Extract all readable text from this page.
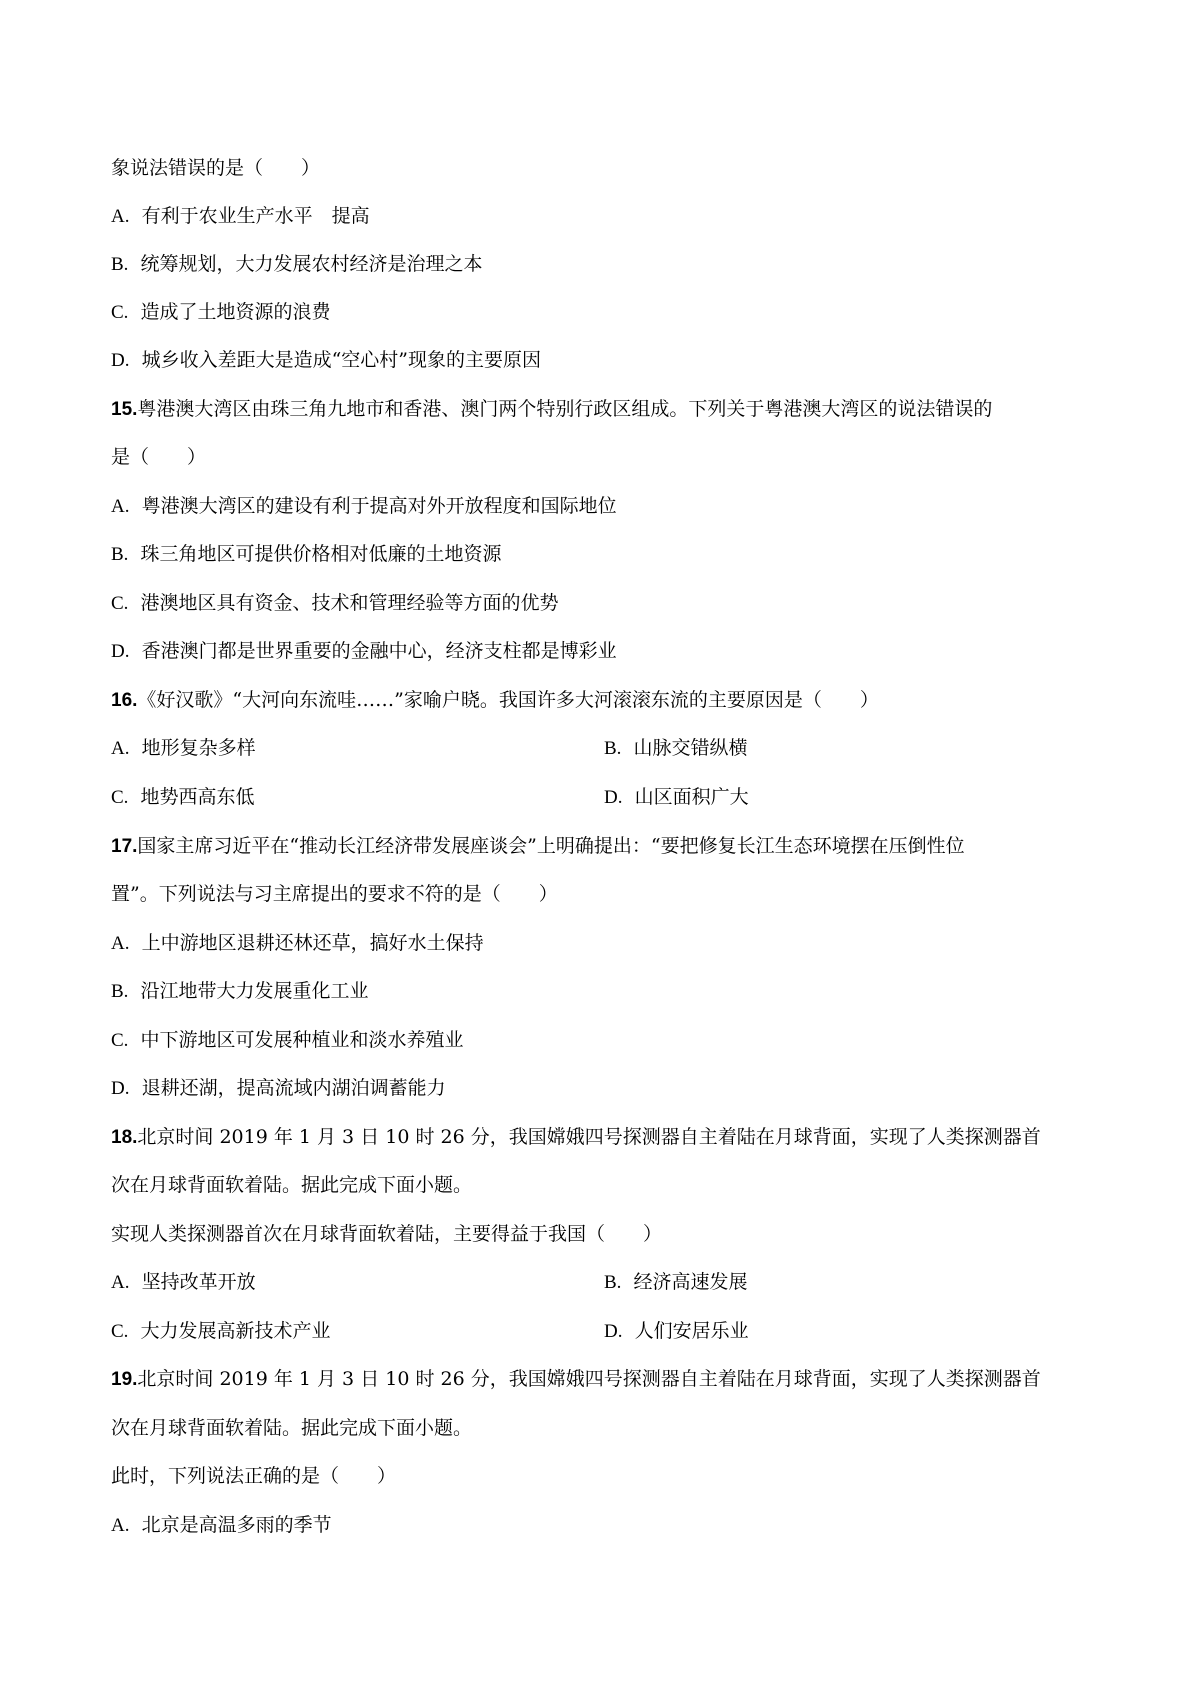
象说法错误的是（　　）
A. 有利于农业生产水平　提高
B. 统筹规划，大力发展农村经济是治理之本
C. 造成了土地资源的浪费
D. 城乡收入差距大是造成“空心村”现象的主要原因
15.粤港澳大湾区由珠三角九地市和香港、澳门两个特别行政区组成。下列关于粤港澳大湾区的说法错误的
是（　　）
A. 粤港澳大湾区的建设有利于提高对外开放程度和国际地位
B. 珠三角地区可提供价格相对低廉的土地资源
C. 港澳地区具有资金、技术和管理经验等方面的优势
D. 香港澳门都是世界重要的金融中心，经济支柱都是博彩业
16.《好汉歌》“大河向东流哇……”家喻户晓。我国许多大河滚滚东流的主要原因是（　　）
A. 地形复杂多样	B. 山脉交错纵横
C. 地势西高东低	D. 山区面积广大
17.国家主席习近平在“推动长江经济带发展座谈会”上明确提出：“要把修复长江生态环境摆在压倒性位
置”。下列说法与习主席提出的要求不符的是（　　）
A. 上中游地区退耕还林还草，搞好水土保持
B. 沿江地带大力发展重化工业
C. 中下游地区可发展种植业和淡水养殖业
D. 退耕还湖，提高流域内湖泊调蓄能力
18.北京时间 2019 年 1 月 3 日 10 时 26 分，我国嫦娥四号探测器自主着陆在月球背面，实现了人类探测器首
次在月球背面软着陆。据此完成下面小题。
实现人类探测器首次在月球背面软着陆，主要得益于我国（　　）
A. 坚持改革开放	B. 经济高速发展
C. 大力发展高新技术产业	D. 人们安居乐业
19.北京时间 2019 年 1 月 3 日 10 时 26 分，我国嫦娥四号探测器自主着陆在月球背面，实现了人类探测器首
次在月球背面软着陆。据此完成下面小题。
此时，下列说法正确的是（　　）
A. 北京是高温多雨的季节
